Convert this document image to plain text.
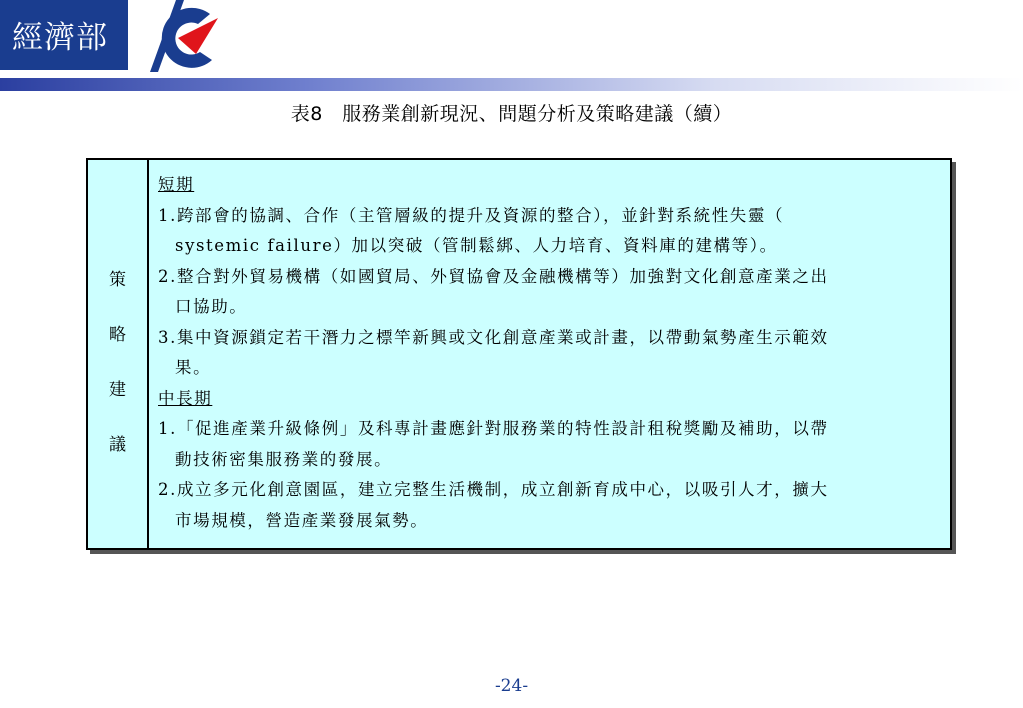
經濟部
表8　服務業創新現況、問題分析及策略建議（續）
策
略
建
議
短期
1.跨部會的協調、合作（主管層級的提升及資源的整合），並針對系統性失靈（
systemic failure）加以突破（管制鬆綁、人力培育、資料庫的建構等）。
2.整合對外貿易機構（如國貿局、外貿協會及金融機構等）加強對文化創意產業之出
口協助。
3.集中資源鎖定若干潛力之標竿新興或文化創意產業或計畫，以帶動氣勢產生示範效
果。
中長期
1.「促進產業升級條例」及科專計畫應針對服務業的特性設計租稅獎勵及補助，以帶
動技術密集服務業的發展。
2.成立多元化創意園區，建立完整生活機制，成立創新育成中心，以吸引人才，擴大
市場規模，營造產業發展氣勢。
-24-
